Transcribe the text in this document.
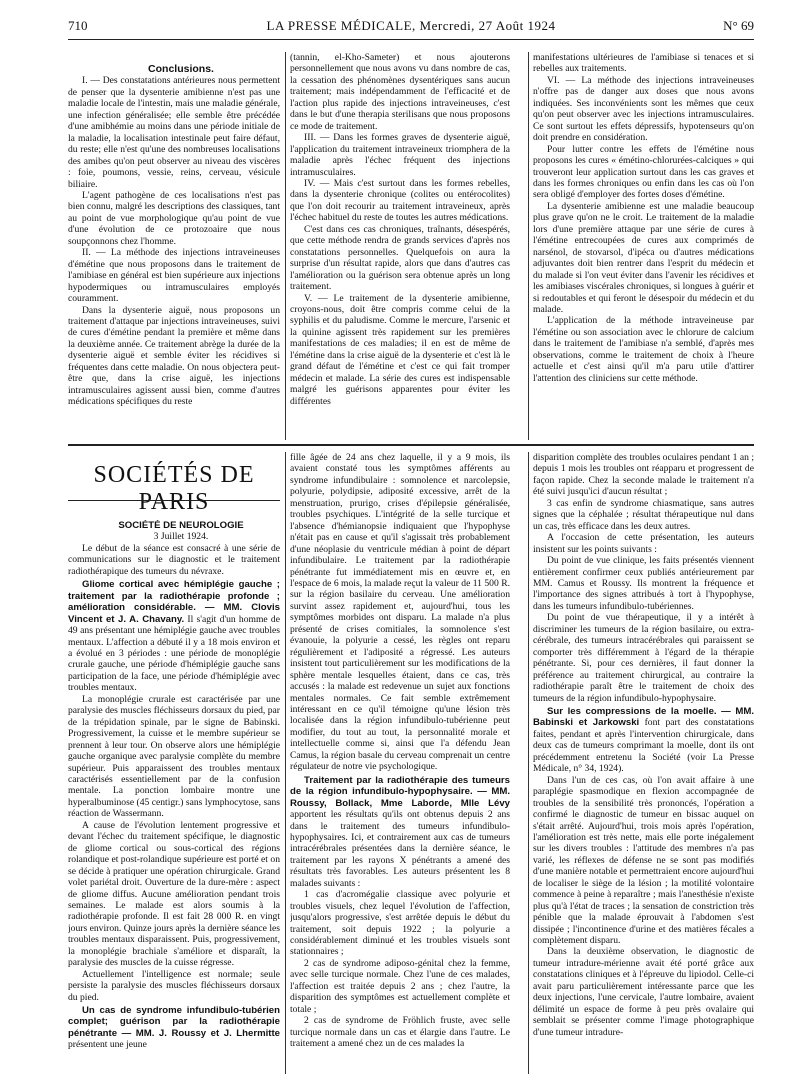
710	LA PRESSE MÉDICALE, Mercredi, 27 Août 1924	N° 69

Conclusions.

I. — Des constatations antérieures nous permettent de penser que la dysenterie amibienne n'est pas une maladie locale de l'intestin, mais une maladie générale, une infection généralisée; elle semble être précédée d'une amibhémie au moins dans une période initiale de la maladie, la localisation intestinale peut faire défaut, du reste; elle n'est qu'une des nombreuses localisations des amibes qu'on peut observer au niveau des viscères : foie, poumons, vessie, reins, cerveau, vésicule biliaire.

L'agent pathogène de ces localisations n'est pas bien connu, malgré les descriptions des classiques, tant au point de vue morphologique qu'au point de vue d'une évolution de ce protozoaire que nous soupçonnons chez l'homme.

II. — La méthode des injections intraveineuses d'émétine que nous proposons dans le traitement de l'amibiase en général est bien supérieure aux injections hypodermiques ou intramusculaires employés couramment.

Dans la dysenterie aiguë, nous proposons un traitement d'attaque par injections intraveineuses, suivi de cures d'émétine pendant la première et même dans la deuxième année. Ce traitement abrège la durée de la dysenterie aiguë et semble éviter les récidives si fréquentes dans cette maladie. On nous objectera peut-être que, dans la crise aiguë, les injections intramusculaires agissent aussi bien, comme d'autres médications spécifiques du reste

(tannin, el-Kho-Sameter) et nous ajouterons personnellement que nous avons vu dans nombre de cas, la cessation des phénomènes dysentériques sans aucun traitement; mais indépendamment de l'efficacité et de l'action plus rapide des injections intraveineuses, c'est dans le but d'une therapia sterilisans que nous proposons ce mode de traitement.

III. — Dans les formes graves de dysenterie aiguë, l'application du traitement intraveineux triomphera de la maladie après l'échec fréquent des injections intramusculaires.

IV. — Mais c'est surtout dans les formes rebelles, dans la dysenterie chronique (colites ou entérocolites) que l'on doit recourir au traitement intraveineux, après l'échec habituel du reste de toutes les autres médications.

C'est dans ces cas chroniques, traînants, désespérés, que cette méthode rendra de grands services d'après nos constatations personnelles. Quelquefois on aura la surprise d'un résultat rapide, alors que dans d'autres cas l'amélioration ou la guérison sera obtenue après un long traitement.

V. — Le traitement de la dysenterie amibienne, croyons-nous, doit être compris comme celui de la syphilis et du paludisme. Comme le mercure, l'arsenic et la quinine agissent très rapidement sur les premières manifestations de ces maladies; il en est de même de l'émétine dans la crise aiguë de la dysenterie et c'est là le grand défaut de l'émétine et c'est ce qui fait tromper médecin et malade. La série des cures est indispensable malgré les guérisons apparentes pour éviter les différentes

manifestations ultérieures de l'amibiase si tenaces et si rebelles aux traitements.

VI. — La méthode des injections intraveineuses n'offre pas de danger aux doses que nous avons indiquées. Ses inconvénients sont les mêmes que ceux qu'on peut observer avec les injections intramusculaires. Ce sont surtout les effets dépressifs, hypotenseurs qu'on doit prendre en considération.

Pour lutter contre les effets de l'émétine nous proposons les cures « émétino-chlorurées-calciques » qui trouveront leur application surtout dans les cas graves et dans les formes chroniques ou enfin dans les cas où l'on sera obligé d'employer des fortes doses d'émétine.

La dysenterie amibienne est une maladie beaucoup plus grave qu'on ne le croit. Le traitement de la maladie lors d'une première attaque par une série de cures à l'émétine entrecoupées de cures aux comprimés de narsénol, de stovarsol, d'ipéca ou d'autres médications adjuvantes doit bien rentrer dans l'esprit du médecin et du malade si l'on veut éviter dans l'avenir les récidives et les amibiases viscérales chroniques, si longues à guérir et si redoutables et qui feront le désespoir du médecin et du malade.

L'application de la méthode intraveineuse par l'émétine ou son association avec le chlorure de calcium dans le traitement de l'amibiase n'a semblé, d'après mes observations, comme le traitement de choix à l'heure actuelle et c'est ainsi qu'il m'a paru utile d'attirer l'attention des cliniciens sur cette méthode.

SOCIÉTÉS DE PARIS

SOCIÉTÉ DE NEUROLOGIE

3 Juillet 1924.

Le début de la séance est consacré à une série de communications sur le diagnostic et le traitement radiothérapique des tumeurs du névraxe.

Gliome cortical avec hémiplégie gauche ; traitement par la radiothérapie profonde ; amélioration considérable. — MM. Clovis Vincent et J. A. Chavany. Il s'agit d'un homme de 49 ans présentant une hémiplégie gauche avec troubles mentaux. L'affection a débuté il y a 18 mois environ et a évolué en 3 périodes : une période de monoplégie crurale gauche, une période d'hémiplégie gauche sans participation de la face, une période d'hémiplégie avec troubles mentaux.

La monoplégie crurale est caractérisée par une paralysie des muscles fléchisseurs dorsaux du pied, par de la trépidation spinale, par le signe de Babinski. Progressivement, la cuisse et le membre supérieur se prennent à leur tour. On observe alors une hémiplégie gauche organique avec paralysie complète du membre supérieur. Puis apparaissent des troubles mentaux caractérisés essentiellement par de la confusion mentale. La ponction lombaire montre une hyperalbuminose (45 centigr.) sans lymphocytose, sans réaction de Wassermann.

A cause de l'évolution lentement progressive et devant l'échec du traitement spécifique, le diagnostic de gliome cortical ou sous-cortical des régions rolandique et post-rolandique supérieure est porté et on se décide à pratiquer une opération chirurgicale. Grand volet pariétal droit. Ouverture de la dure-mère : aspect de gliome diffus. Aucune amélioration pendant trois semaines. Le malade est alors soumis à la radiothérapie profonde. Il est fait 28 000 R. en vingt jours environ. Quinze jours après la dernière séance les troubles mentaux disparaissent. Puis, progressivement, la monoplégie brachiale s'améliore et disparaît, la paralysie des muscles de la cuisse régresse.

Actuellement l'intelligence est normale; seule persiste la paralysie des muscles fléchisseurs dorsaux du pied.

Un cas de syndrome infundibulo-tubérien complet; guérison par la radiothérapie pénétrante — MM. J. Roussy et J. Lhermitte présentent une jeune

fille âgée de 24 ans chez laquelle, il y a 9 mois, ils avaient constaté tous les symptômes afférents au syndrome infundibulaire : somnolence et narcolepsie, polyurie, polydipsie, adiposité excessive, arrêt de la menstruation, prurigo, crises d'épilepsie généralisée, troubles psychiques. L'intégrité de la selle turcique et l'absence d'hémianopsie indiquaient que l'hypophyse n'était pas en cause et qu'il s'agissait très probablement d'une néoplasie du ventricule médian à point de départ infundibulaire. Le traitement par la radiothérapie pénétrante fut immédiatement mis en œuvre et, en l'espace de 6 mois, la malade reçut la valeur de 11 500 R. sur la région basilaire du cerveau. Une amélioration survint assez rapidement et, aujourd'hui, tous les symptômes morbides ont disparu. La malade n'a plus présenté de crises comitiales, la somnolence s'est évanouie, la polyurie a cessé, les règles ont reparu régulièrement et l'adiposité a régressé. Les auteurs insistent tout particulièrement sur les modifications de la sphère mentale lesquelles étaient, dans ce cas, très accusés : la malade est redevenue un sujet aux fonctions mentales normales. Ce fait semble extrêmement intéressant en ce qu'il témoigne qu'une lésion très localisée dans la région infundibulo-tubérienne peut modifier, du tout au tout, la personnalité morale et intellectuelle comme si, ainsi que l'a défendu Jean Camus, la région basale du cerveau comprenait un centre régulateur de notre vie psychologique.

Traitement par la radiothérapie des tumeurs de la région infundibulo-hypophysaire. — MM. Roussy, Bollack, Mme Laborde, Mlle Lévy apportent les résultats qu'ils ont obtenus depuis 2 ans dans le traitement des tumeurs infundibulo-hypophysaires. Ici, et contrairement aux cas de tumeurs intracérébrales présentées dans la dernière séance, le traitement par les rayons X pénétrants a amené des résultats très favorables. Les auteurs présentent les 8 malades suivants :

1 cas d'acromégalie classique avec polyurie et troubles visuels, chez lequel l'évolution de l'affection, jusqu'alors progressive, s'est arrêtée depuis le début du traitement, soit depuis 1922 ; la polyurie a considérablement diminué et les troubles visuels sont stationnaires ;

2 cas de syndrome adiposo-génital chez la femme, avec selle turcique normale. Chez l'une de ces malades, l'affection est traitée depuis 2 ans ; chez l'autre, la disparition des symptômes est actuellement complète et totale ;

2 cas de syndrome de Fröhlich fruste, avec selle turcique normale dans un cas et élargie dans l'autre. Le traitement a amené chez un de ces malades la

disparition complète des troubles oculaires pendant 1 an ; depuis 1 mois les troubles ont réapparu et progressent de façon rapide. Chez la seconde malade le traitement n'a été suivi jusqu'ici d'aucun résultat ;

3 cas enfin de syndrome chiasmatique, sans autres signes que la céphalée ; résultat thérapeutique nul dans un cas, très efficace dans les deux autres.

A l'occasion de cette présentation, les auteurs insistent sur les points suivants :

Du point de vue clinique, les faits présentés viennent entièrement confirmer ceux publiés antérieurement par MM. Camus et Roussy. Ils montrent la fréquence et l'importance des signes attribués à tort à l'hypophyse, dans les tumeurs infundibulo-tubériennes.

Du point de vue thérapeutique, il y a intérêt à discriminer les tumeurs de la région basilaire, ou extra-cérébrale, des tumeurs intracérébrales qui paraissent se comporter très différemment à l'égard de la thérapie pénétrante. Si, pour ces dernières, il faut donner la préférence au traitement chirurgical, au contraire la radiothérapie paraît être le traitement de choix des tumeurs de la région infundibulo-hypophysaire.

Sur les compressions de la moelle. — MM. Babinski et Jarkowski font part des constatations faites, pendant et après l'intervention chirurgicale, dans deux cas de tumeurs comprimant la moelle, dont ils ont précédemment entretenu la Société (voir La Presse Médicale, n° 34, 1924).

Dans l'un de ces cas, où l'on avait affaire à une paraplégie spasmodique en flexion accompagnée de troubles de la sensibilité très prononcés, l'opération a confirmé le diagnostic de tumeur en bissac auquel on s'était arrêté. Aujourd'hui, trois mois après l'opération, l'amélioration est très nette, mais elle porte inégalement sur les divers troubles : l'attitude des membres n'a pas varié, les réflexes de défense ne se sont pas modifiés d'une manière notable et permettraient encore aujourd'hui de localiser le siège de la lésion ; la motilité volontaire commence à peine à reparaître ; mais l'anesthésie n'existe plus qu'à l'état de traces ; la sensation de constriction très pénible que la malade éprouvait à l'abdomen s'est dissipée ; l'incontinence d'urine et des matières fécales a complètement disparu.

Dans la deuxième observation, le diagnostic de tumeur intradure-mérienne avait été porté grâce aux constatations cliniques et à l'épreuve du lipiodol. Celle-ci avait paru particulièrement intéressante parce que les deux injections, l'une cervicale, l'autre lombaire, avaient délimité un espace de forme à peu près ovalaire qui semblait se présenter comme l'image photographique d'une tumeur intradure-
